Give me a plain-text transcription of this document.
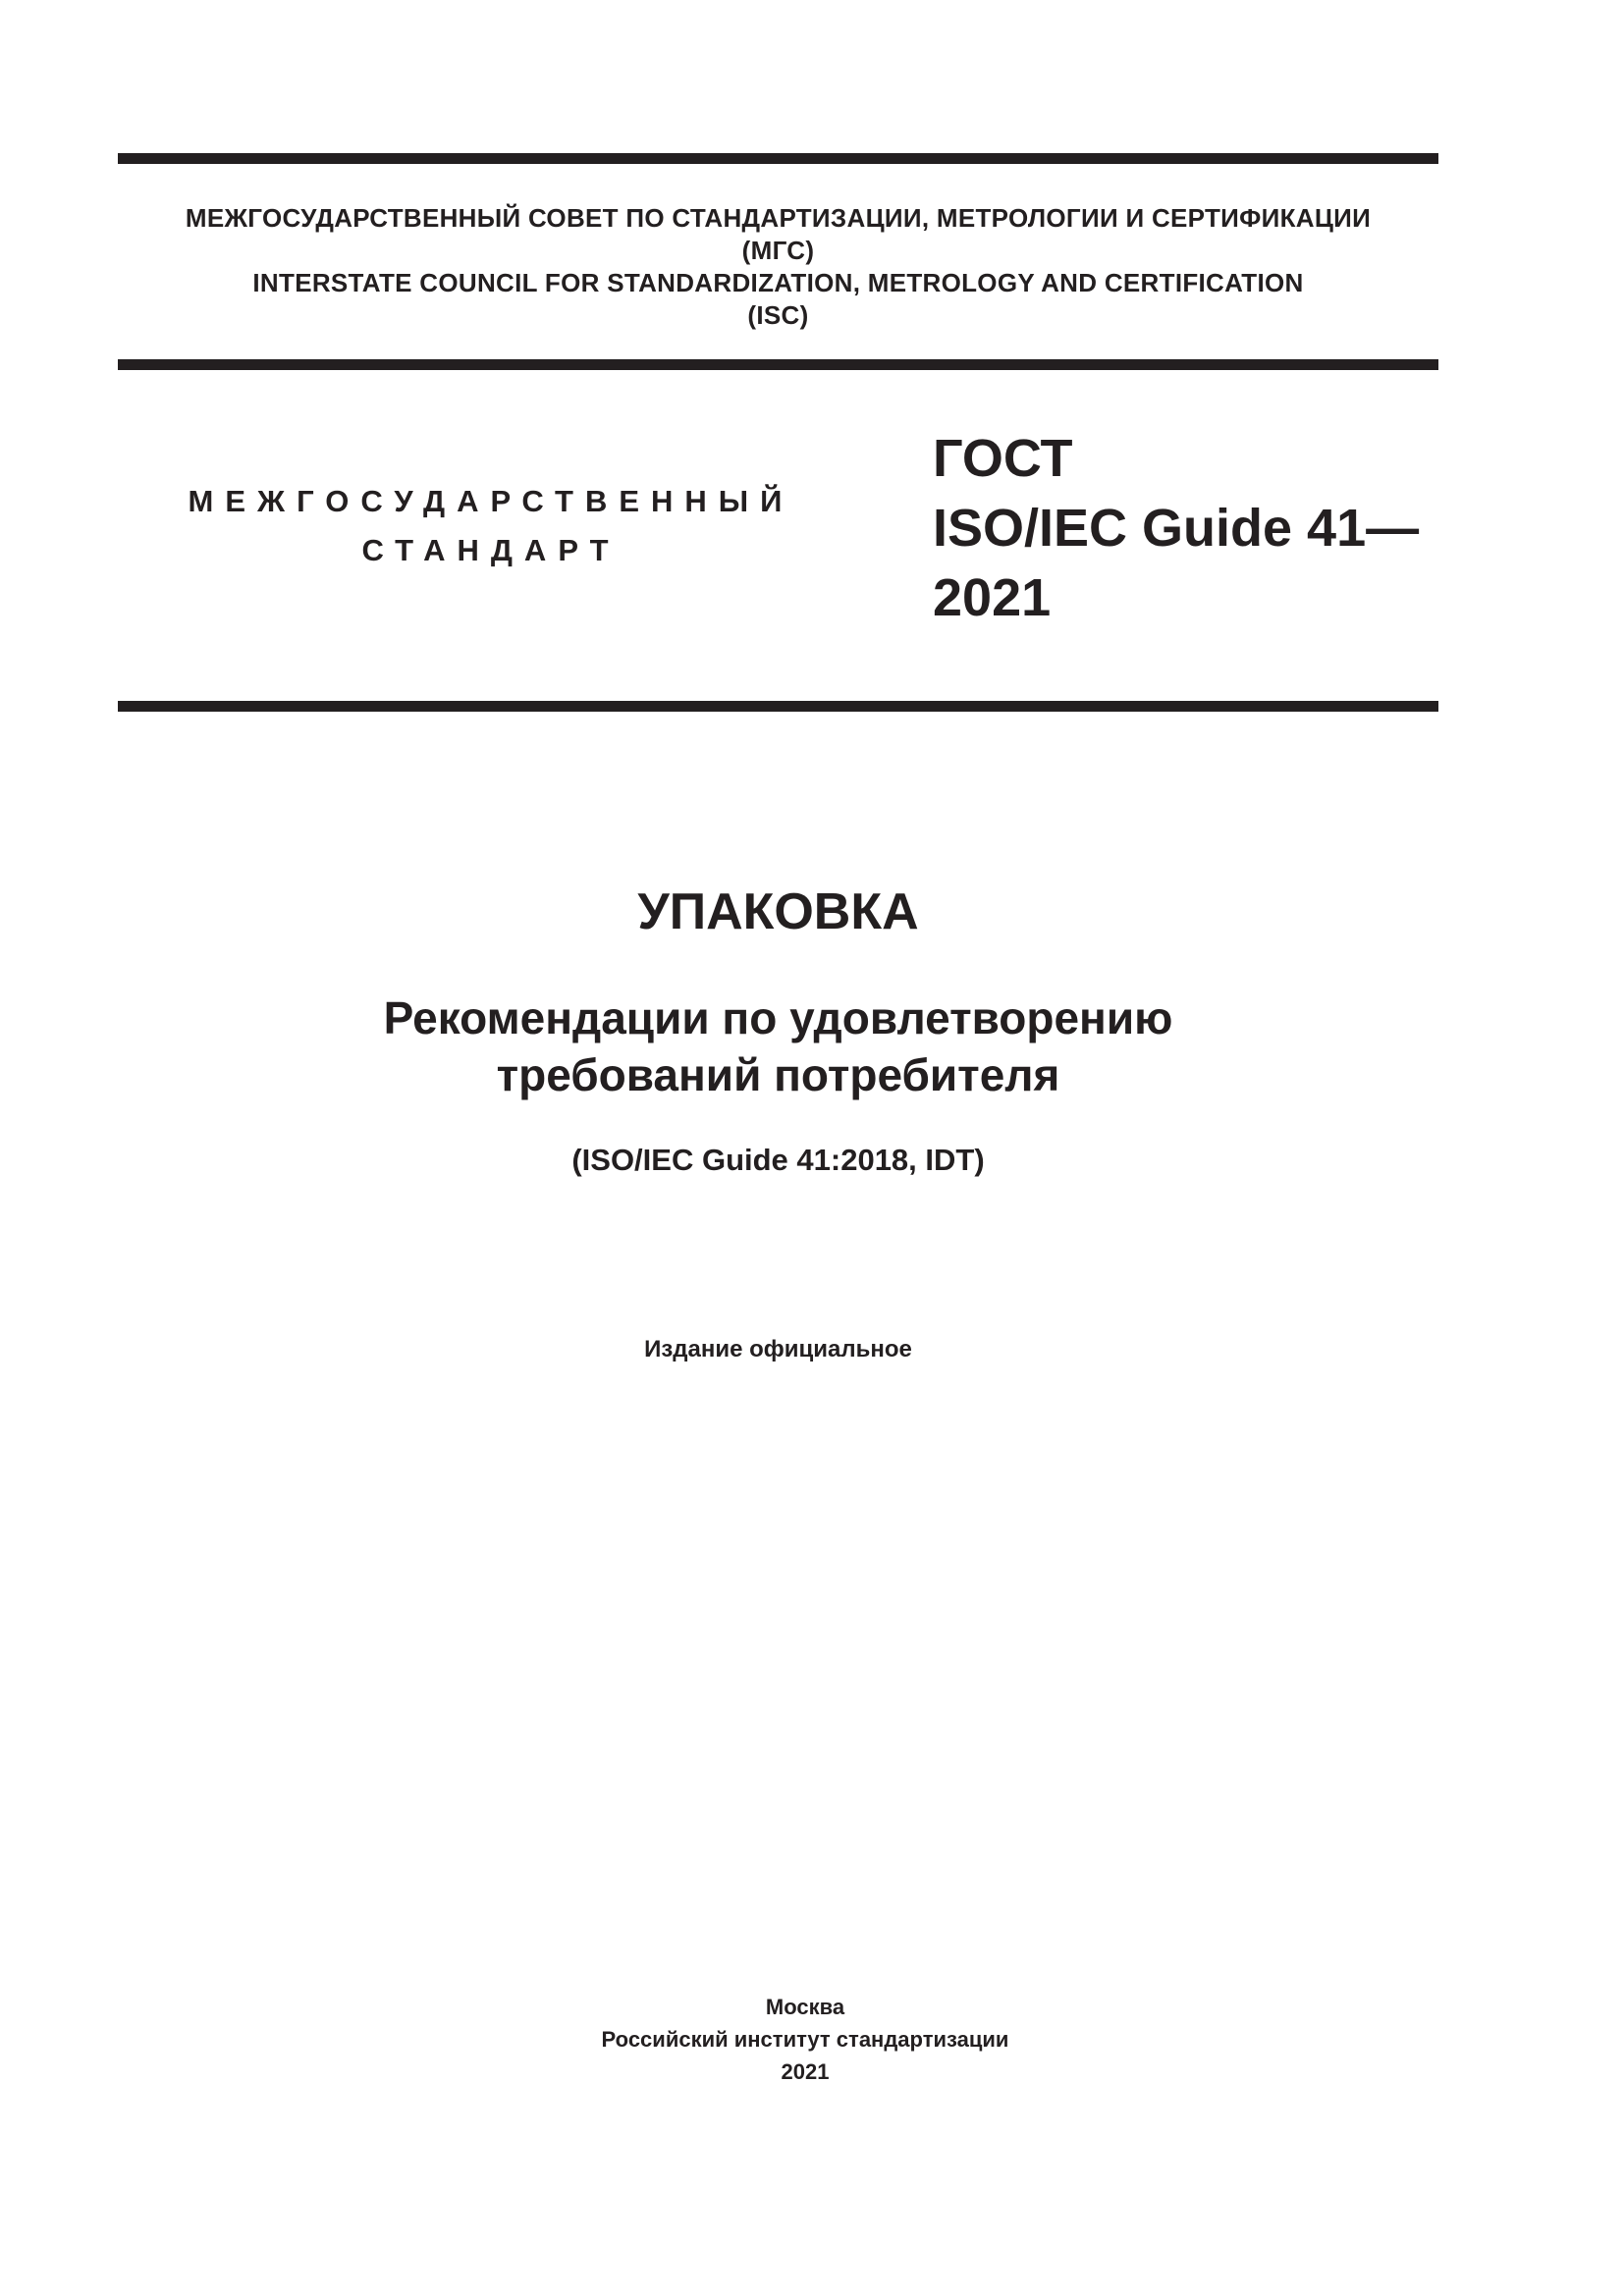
МЕЖГОСУДАРСТВЕННЫЙ СОВЕТ ПО СТАНДАРТИЗАЦИИ, МЕТРОЛОГИИ И СЕРТИФИКАЦИИ
(МГС)
INTERSTATE COUNCIL FOR STANDARDIZATION, METROLOGY AND CERTIFICATION
(ISC)
МЕЖГОСУДАРСТВЕННЫЙ
СТАНДАРТ
ГОСТ
ISO/IEC Guide 41—
2021
УПАКОВКА
Рекомендации по удовлетворению
требований потребителя
(ISO/IEC Guide 41:2018, IDT)
Издание официальное
Москва
Российский институт стандартизации
2021
